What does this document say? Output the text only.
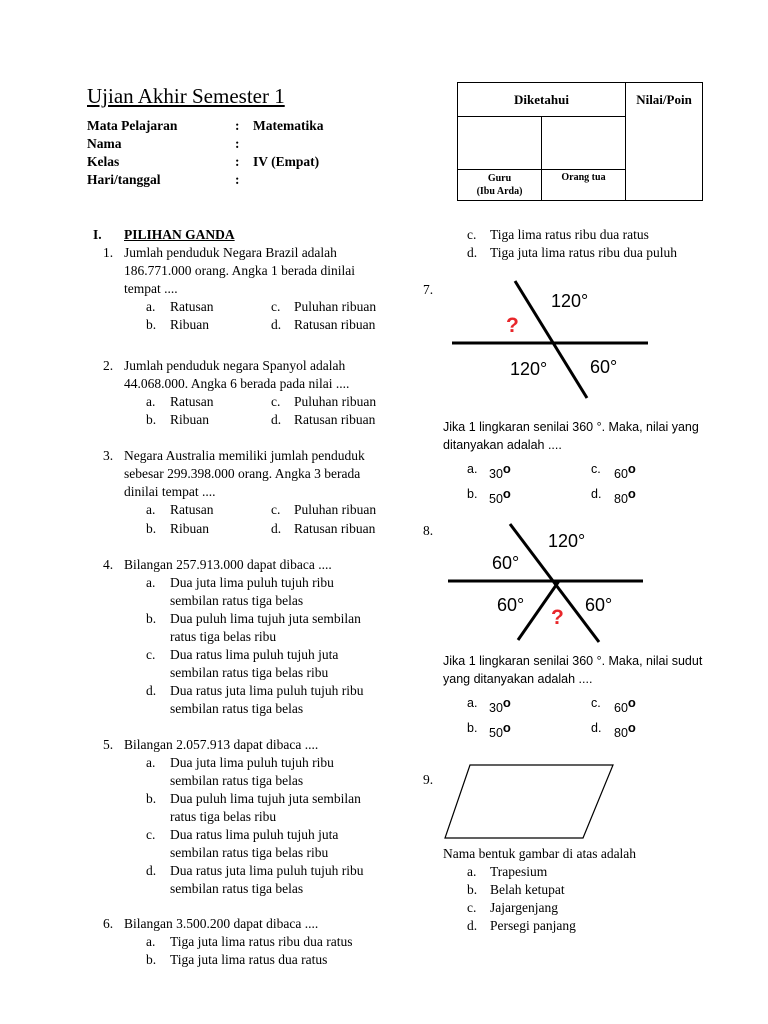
Ujian Akhir Semester 1
Mata Pelajaran	: Matematika
Nama	:
Kelas	: IV (Empat)
Hari/tanggal	:
Diketahui		Nilai/Poin

Guru
(Ibu Arda)	Orang tua	
I. PILIHAN GANDA
1. Jumlah penduduk Negara Brazil adalah
186.771.000 orang. Angka 1 berada dinilai
tempat ....
a. Ratusan
b. Ribuan
c. Puluhan ribuan
d. Ratusan ribuan
2. Jumlah penduduk negara Spanyol adalah
44.068.000. Angka 6 berada pada nilai ....
a. Ratusan
b. Ribuan
c. Puluhan ribuan
d. Ratusan ribuan
3. Negara Australia memiliki jumlah penduduk
sebesar 299.398.000 orang. Angka 3 berada
dinilai tempat ....
a. Ratusan
b. Ribuan
c. Puluhan ribuan
d. Ratusan ribuan
4. Bilangan 257.913.000 dapat dibaca ....
a. Dua juta lima puluh tujuh ribu
sembilan ratus tiga belas
b. Dua puluh lima tujuh juta sembilan
ratus tiga belas ribu
c. Dua ratus lima puluh tujuh juta
sembilan ratus tiga belas ribu
d. Dua ratus juta lima puluh tujuh ribu
sembilan ratus tiga belas
5. Bilangan 2.057.913 dapat dibaca ....
a. Dua juta lima puluh tujuh ribu
sembilan ratus tiga belas
b. Dua puluh lima tujuh juta sembilan
ratus tiga belas ribu
c. Dua ratus lima puluh tujuh juta
sembilan ratus tiga belas ribu
d. Dua ratus juta lima puluh tujuh ribu
sembilan ratus tiga belas
6. Bilangan 3.500.200 dapat dibaca ....
a. Tiga juta lima ratus ribu dua ratus
b. Tiga juta lima ratus dua ratus
c. Tiga lima ratus ribu dua ratus
d. Tiga juta lima ratus ribu dua puluh
7.
120°
?
120° 60°
Jika 1 lingkaran senilai 360 °. Maka, nilai yang
ditanyakan adalah ....
a. 30$^o$
b. 50$^o$
c. 60$^o$
d. 80$^o$
8.
120°
60°
60°
?
60°
Jika 1 lingkaran senilai 360 °. Maka, nilai sudut
yang ditanyakan adalah ....
a. 30$^o$
b. 50$^o$
c. 60$^o$
d. 80$^o$
9.
Nama bentuk gambar di atas adalah
a. Trapesium
b. Belah ketupat
c. Jajargenjang
d. Persegi panjang
